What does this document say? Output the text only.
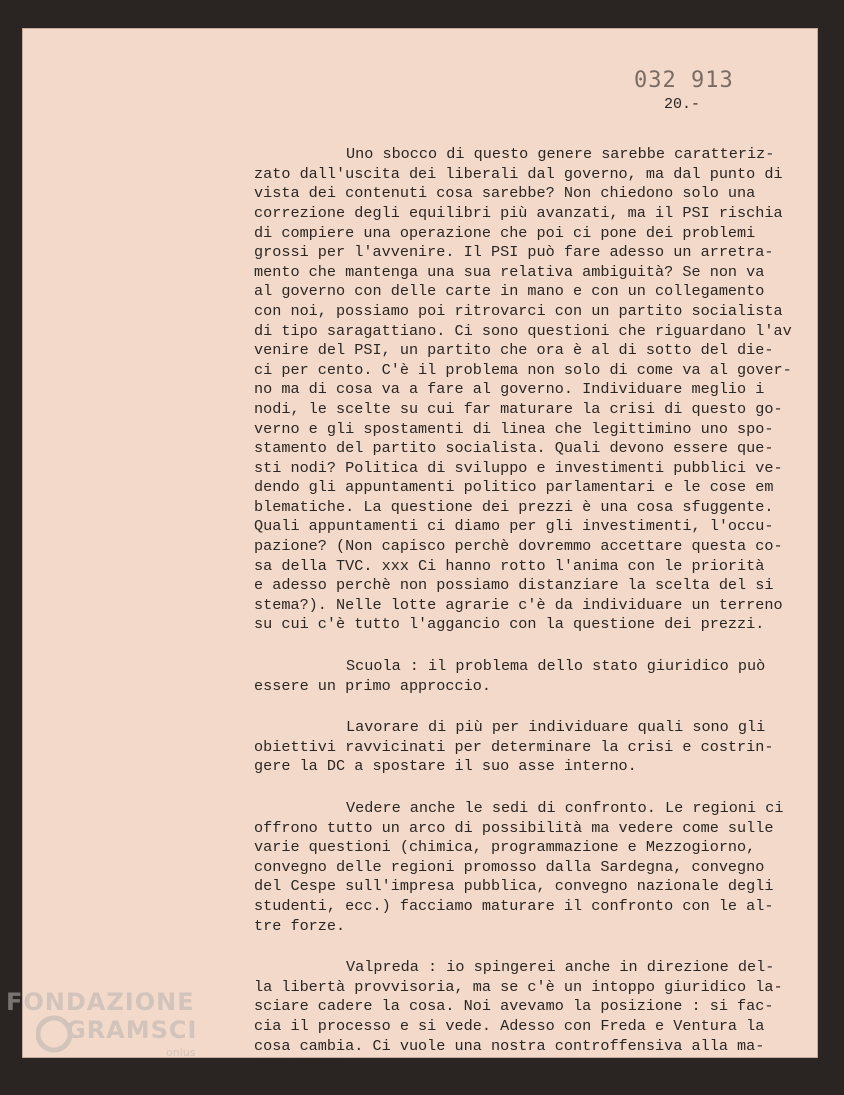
032 913
20.-

Uno sbocco di questo genere sarebbe caratteriz-
zato dall'uscita dei liberali dal governo, ma dal punto di
vista dei contenuti cosa sarebbe? Non chiedono solo una
correzione degli equilibri più avanzati, ma il PSI rischia
di compiere una operazione che poi ci pone dei problemi
grossi per l'avvenire. Il PSI può fare adesso un arretra-
mento che mantenga una sua relativa ambiguità? Se non va
al governo con delle carte in mano e con un collegamento
con noi, possiamo poi ritrovarci con un partito socialista
di tipo saragattiano. Ci sono questioni che riguardano l'av
venire del PSI, un partito che ora è al di sotto del die-
ci per cento. C'è il problema non solo di come va al gover-
no ma di cosa va a fare al governo. Individuare meglio i
nodi, le scelte su cui far maturare la crisi di questo go-
verno e gli spostamenti di linea che legittimino uno spo-
stamento del partito socialista. Quali devono essere que-
sti nodi? Politica di sviluppo e investimenti pubblici ve-
dendo gli appuntamenti politico parlamentari e le cose em
blematiche. La questione dei prezzi è una cosa sfuggente.
Quali appuntamenti ci diamo per gli investimenti, l'occu-
pazione? (Non capisco perchè dovremmo accettare questa co-
sa della TVC. xxx Ci hanno rotto l'anima con le priorità
e adesso perchè non possiamo distanziare la scelta del si
stema?). Nelle lotte agrarie c'è da individuare un terreno
su cui c'è tutto l'aggancio con la questione dei prezzi.
Scuola : il problema dello stato giuridico può
essere un primo approccio.
Lavorare di più per individuare quali sono gli
obiettivi ravvicinati per determinare la crisi e costrin-
gere la DC a spostare il suo asse interno.
Vedere anche le sedi di confronto. Le regioni ci
offrono tutto un arco di possibilità ma vedere come sulle
varie questioni (chimica, programmazione e Mezzogiorno,
convegno delle regioni promosso dalla Sardegna, convegno
del Cespe sull'impresa pubblica, convegno nazionale degli
studenti, ecc.) facciamo maturare il confronto con le al-
tre forze.
Valpreda : io spingerei anche in direzione del-
la libertà provvisoria, ma se c'è un intoppo giuridico la-
sciare cadere la cosa. Noi avevamo la posizione : si fac-
cia il processo e si vede. Adesso con Freda e Ventura la
cosa cambia. Ci vuole una nostra controffensiva alla ma-
gistratura.

FONDAZIONE
GRAMSCI
onlus
